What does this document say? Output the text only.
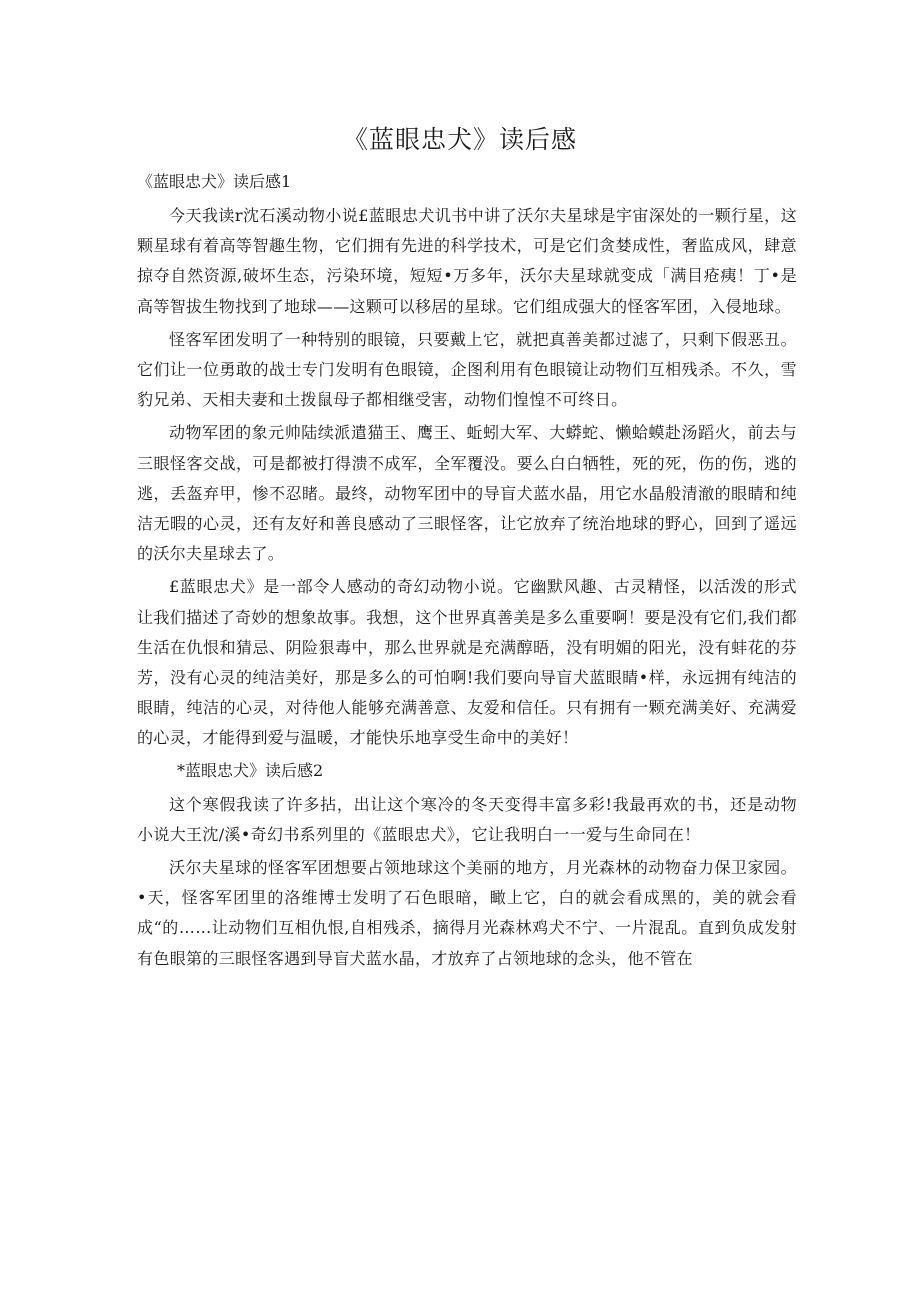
《蓝眼忠犬》读后感
《蓝眼忠犬》读后感1

今天我读r沈石溪动物小说£蓝眼忠犬讥书中讲了沃尔夫星球是宇宙深处的一颗行星，这颗星球有着高等智趣生物，它们拥有先进的科学技术，可是它们贪婪成性，奢监成风，肆意掠夺自然资源,破坏生态，污染环境，短短•万多年，沃尔夫星球就变成「满目疮痍！丁•是高等智拔生物找到了地球——这颗可以移居的星球。它们组成强大的怪客军团，入侵地球。

怪客军团发明了一种特别的眼镜，只要戴上它，就把真善美都过滤了，只剩下假恶丑。它们让一位勇敢的战士专门发明有色眼镜，企图利用有色眼镜让动物们互相残杀。不久，雪豹兄弟、天相夫妻和土拨鼠母子都相继受害，动物们惶惶不可终日。

动物军团的象元帅陆续派遣猫王、鹰王、蚯蚓大军、大蟒蛇、懒蛤蟆赴汤蹈火，前去与三眼怪客交战，可是都被打得溃不成军，全军覆没。要么白白牺牲，死的死，伤的伤，逃的逃，丢盔弃甲，惨不忍睹。最终，动物军团中的导盲犬蓝水晶，用它水晶般清澈的眼睛和纯洁无暇的心灵，还有友好和善良感动了三眼怪客，让它放弃了统治地球的野心，回到了遥远的沃尔夫星球去了。

£蓝眼忠犬》是一部令人感动的奇幻动物小说。它幽默风趣、古灵精怪，以活泼的形式让我们描述了奇妙的想象故事。我想，这个世界真善美是多么重要啊！要是没有它们,我们都生活在仇恨和猜忌、阴险狠毒中，那么世界就是充满醇晤，没有明媚的阳光，没有蚌花的芬芳，没有心灵的纯洁美好，那是多么的可怕啊!我们要向导盲犬蓝眼睛•样，永远拥有纯洁的眼睛，纯洁的心灵，对待他人能够充满善意、友爱和信任。只有拥有一颗充满美好、充满爱的心灵，才能得到爱与温暖，才能快乐地享受生命中的美好！

*蓝眼忠犬》读后感2

这个寒假我读了许多拈，出让这个寒冷的冬天变得丰富多彩!我最再欢的书，还是动物小说大王沈/溪•奇幻书系列里的《蓝眼忠犬》，它让我明白一一爱与生命同在！

沃尔夫星球的怪客军团想要占领地球这个美丽的地方，月光森林的动物奋力保卫家园。•天，怪客军团里的洛维博士发明了石色眼暗，瞰上它，白的就会看成黑的，美的就会看成“的……让动物们互相仇恨,自相残杀，摘得月光森林鸡犬不宁、一片混乱。直到负成发射有色眼第的三眼怪客遇到导盲犬蓝水晶，才放弃了占领地球的念头，他不管在
